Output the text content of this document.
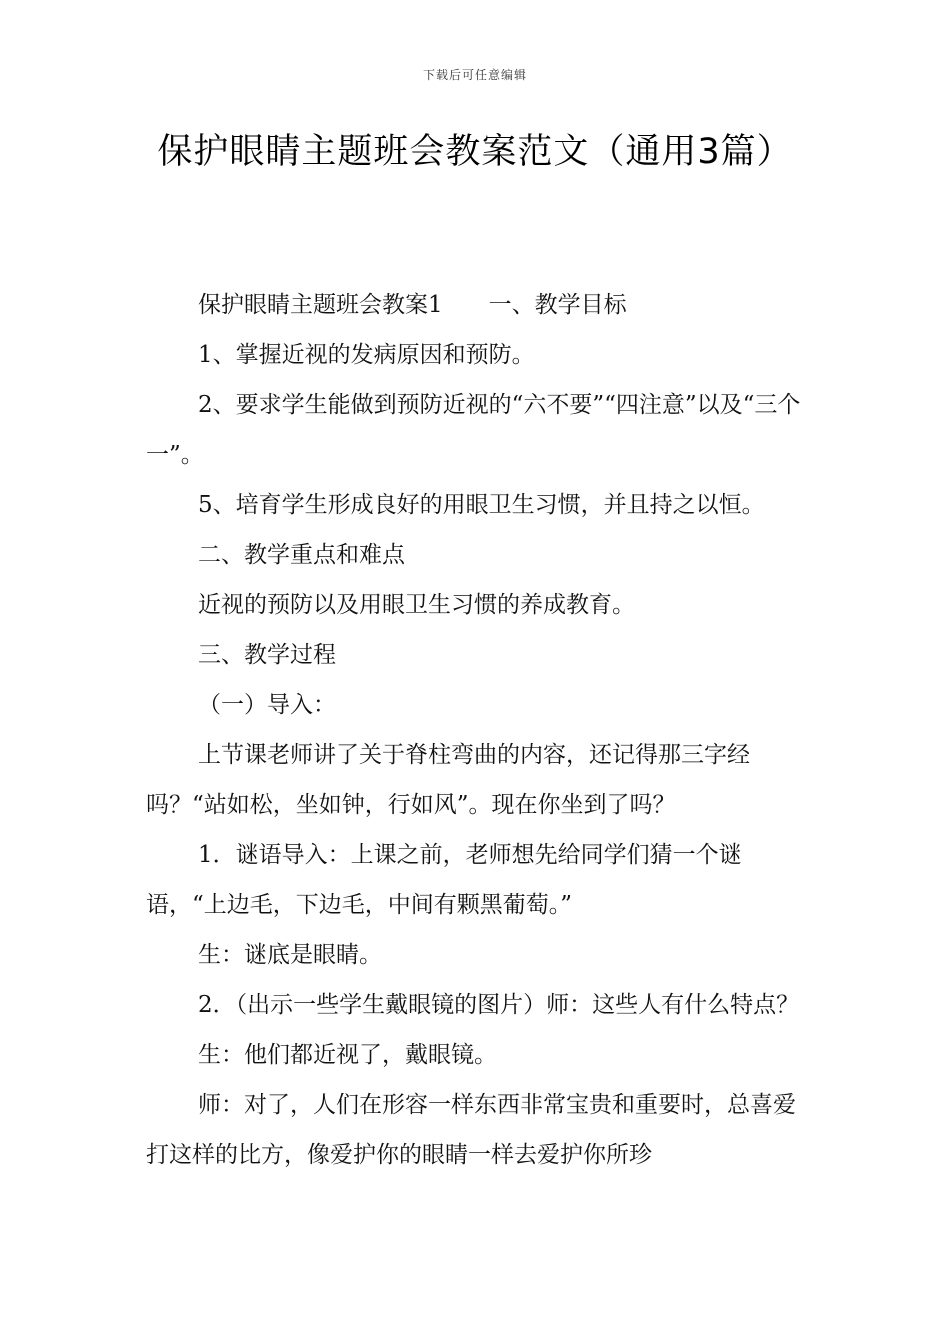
下载后可任意编辑
保护眼睛主题班会教案范文（通用3篇）

保护眼睛主题班会教案1 一、教学目标

1、掌握近视的发病原因和预防。

2、要求学生能做到预防近视的“六不要”“四注意”以及“三个一”。

5、培育学生形成良好的用眼卫生习惯，并且持之以恒。

二、教学重点和难点

近视的预防以及用眼卫生习惯的养成教育。

三、教学过程

（一）导入：

上节课老师讲了关于脊柱弯曲的内容，还记得那三字经吗？“站如松，坐如钟，行如风”。现在你坐到了吗？

1．谜语导入：上课之前，老师想先给同学们猜一个谜语，“上边毛，下边毛，中间有颗黑葡萄。”

生：谜底是眼睛。

2．（出示一些学生戴眼镜的图片）师：这些人有什么特点？

生：他们都近视了，戴眼镜。

师：对了，人们在形容一样东西非常宝贵和重要时，总喜爱打这样的比方，像爱护你的眼睛一样去爱护你所珍
